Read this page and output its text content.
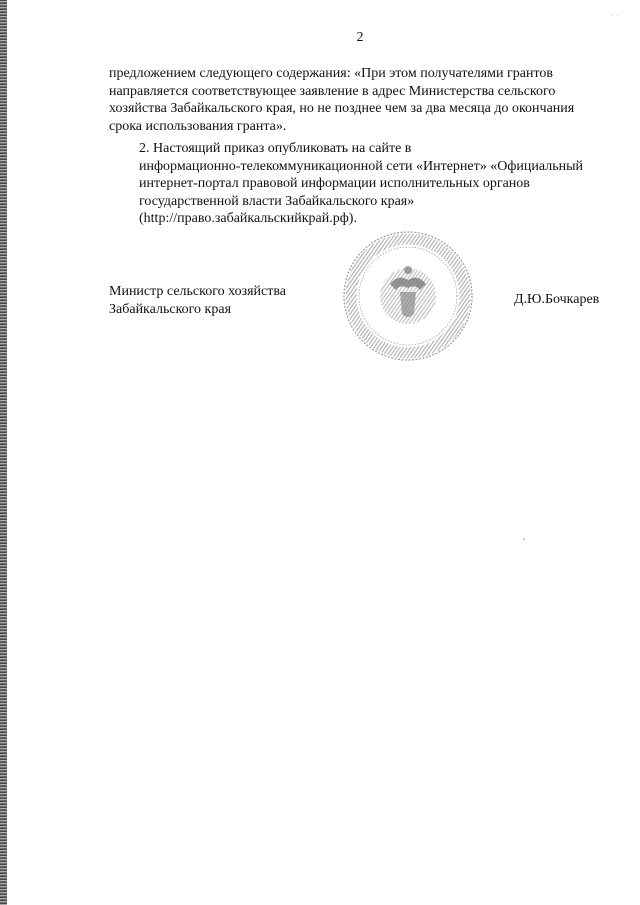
· ·
2
предложением следующего содержания: «При этом получателями грантов
направляется соответствующее заявление в адрес Министерства сельского
хозяйства Забайкальского края, но не позднее чем за два месяца до окончания
срока использования гранта».
2. Настоящий приказ опубликовать на сайте в
информационно-телекоммуникационной сети «Интернет» «Официальный
интернет-портал правовой информации исполнительных органов
государственной власти Забайкальского края»
(http://право.забайкальскийкрай.рф).
Министр сельского хозяйства
Забайкальского края
Д.Ю.Бочкарев
